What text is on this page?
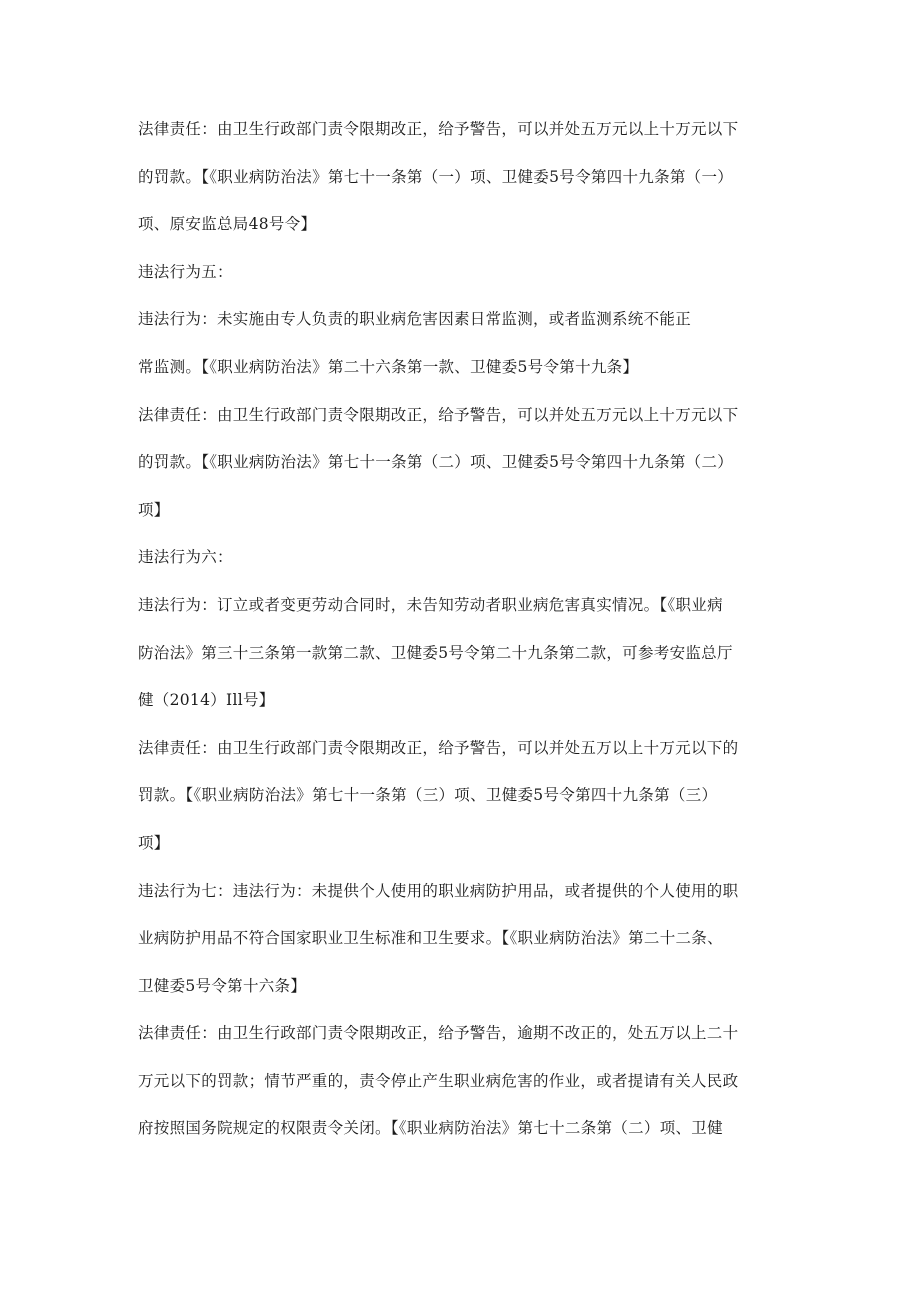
法律责任：由卫生行政部门责令限期改正，给予警告，可以并处五万元以上十万元以下
的罚款。【《职业病防治法》第七十一条第（一）项、卫健委5号令第四十九条第（一）
项、原安监总局48号令】
违法行为五：
违法行为：未实施由专人负责的职业病危害因素日常监测，或者监测系统不能正
常监测。【《职业病防治法》第二十六条第一款、卫健委5号令第十九条】
法律责任：由卫生行政部门责令限期改正，给予警告，可以并处五万元以上十万元以下
的罚款。【《职业病防治法》第七十一条第（二）项、卫健委5号令第四十九条第（二）
项】
违法行为六：
违法行为：订立或者变更劳动合同时，未告知劳动者职业病危害真实情况。【《职业病
防治法》第三十三条第一款第二款、卫健委5号令第二十九条第二款，可参考安监总厅
健（2014）Ill号】
法律责任：由卫生行政部门责令限期改正，给予警告，可以并处五万以上十万元以下的
罚款。【《职业病防治法》第七十一条第（三）项、卫健委5号令第四十九条第（三）
项】
违法行为七：违法行为：未提供个人使用的职业病防护用品，或者提供的个人使用的职
业病防护用品不符合国家职业卫生标准和卫生要求。【《职业病防治法》第二十二条、
卫健委5号令第十六条】
法律责任：由卫生行政部门责令限期改正，给予警告，逾期不改正的，处五万以上二十
万元以下的罚款；情节严重的，责令停止产生职业病危害的作业，或者提请有关人民政
府按照国务院规定的权限责令关闭。【《职业病防治法》第七十二条第（二）项、卫健
